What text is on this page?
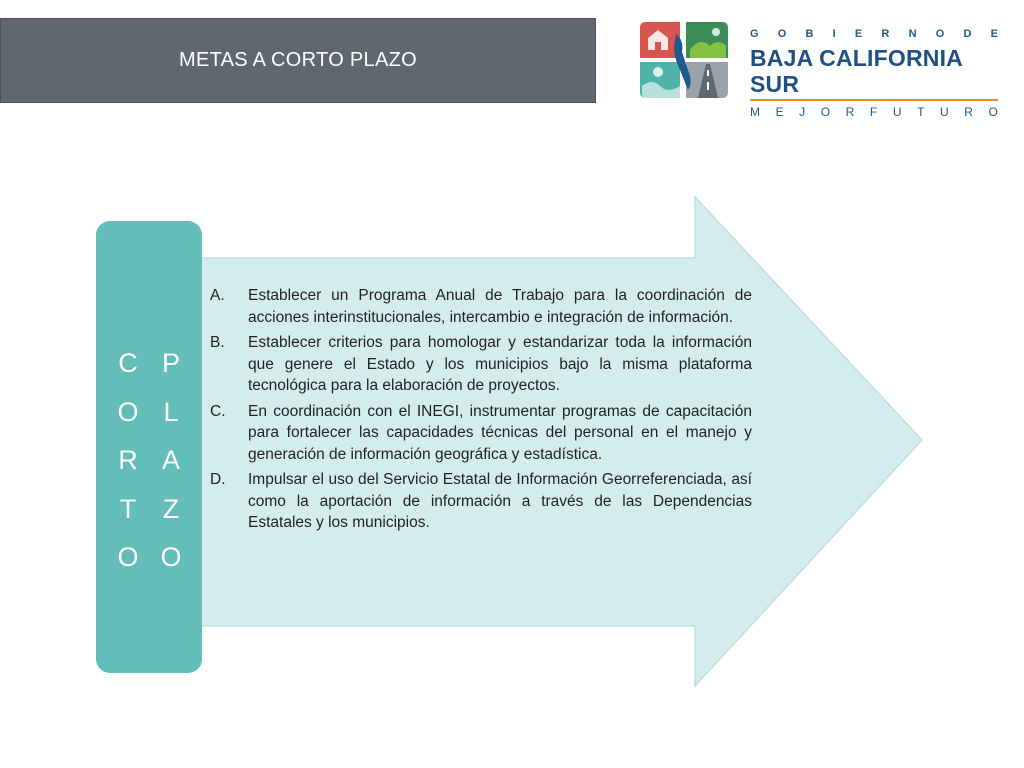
METAS A CORTO PLAZO
G O B I E R N O D E
BAJA CALIFORNIA SUR
M E J O R F U T U R O
C
O
R
T
O
P
L
A
Z
O
A.	Establecer un Programa Anual de Trabajo para la coordinación de acciones interinstitucionales, intercambio e integración de información.
B.	Establecer criterios para homologar y estandarizar toda la información que genere el Estado y los municipios bajo la misma plataforma tecnológica para la elaboración de proyectos.
C.	En coordinación con el INEGI, instrumentar programas de capacitación para fortalecer las capacidades técnicas del personal en el manejo y generación de información geográfica y estadística.
D.	Impulsar el uso del Servicio Estatal de Información Georreferenciada, así como la aportación de información a través de las Dependencias Estatales y los municipios.
